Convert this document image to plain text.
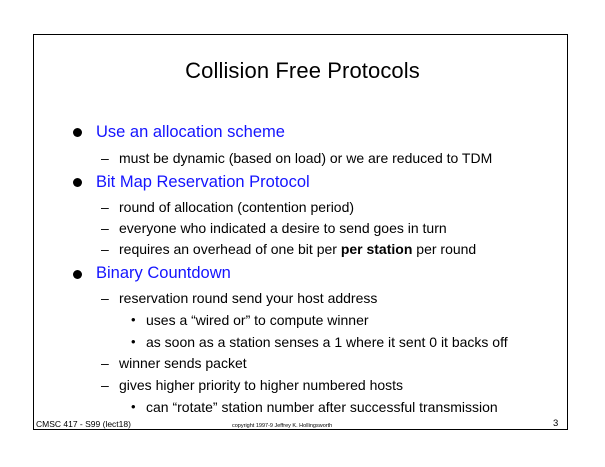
Collision Free Protocols
Use an allocation scheme
– must be dynamic (based on load) or we are reduced to TDM
Bit Map Reservation Protocol
– round of allocation (contention period)
– everyone who indicated a desire to send goes in turn
– requires an overhead of one bit per per station per round
Binary Countdown
– reservation round send your host address
• uses a “wired or” to compute winner
• as soon as a station senses a 1 where it sent 0 it backs off
– winner sends packet
– gives higher priority to higher numbered hosts
• can “rotate” station number after successful transmission
CMSC 417 - S99 (lect18)	copyright 1997-9 Jeffrey K. Hollingsworth	3
